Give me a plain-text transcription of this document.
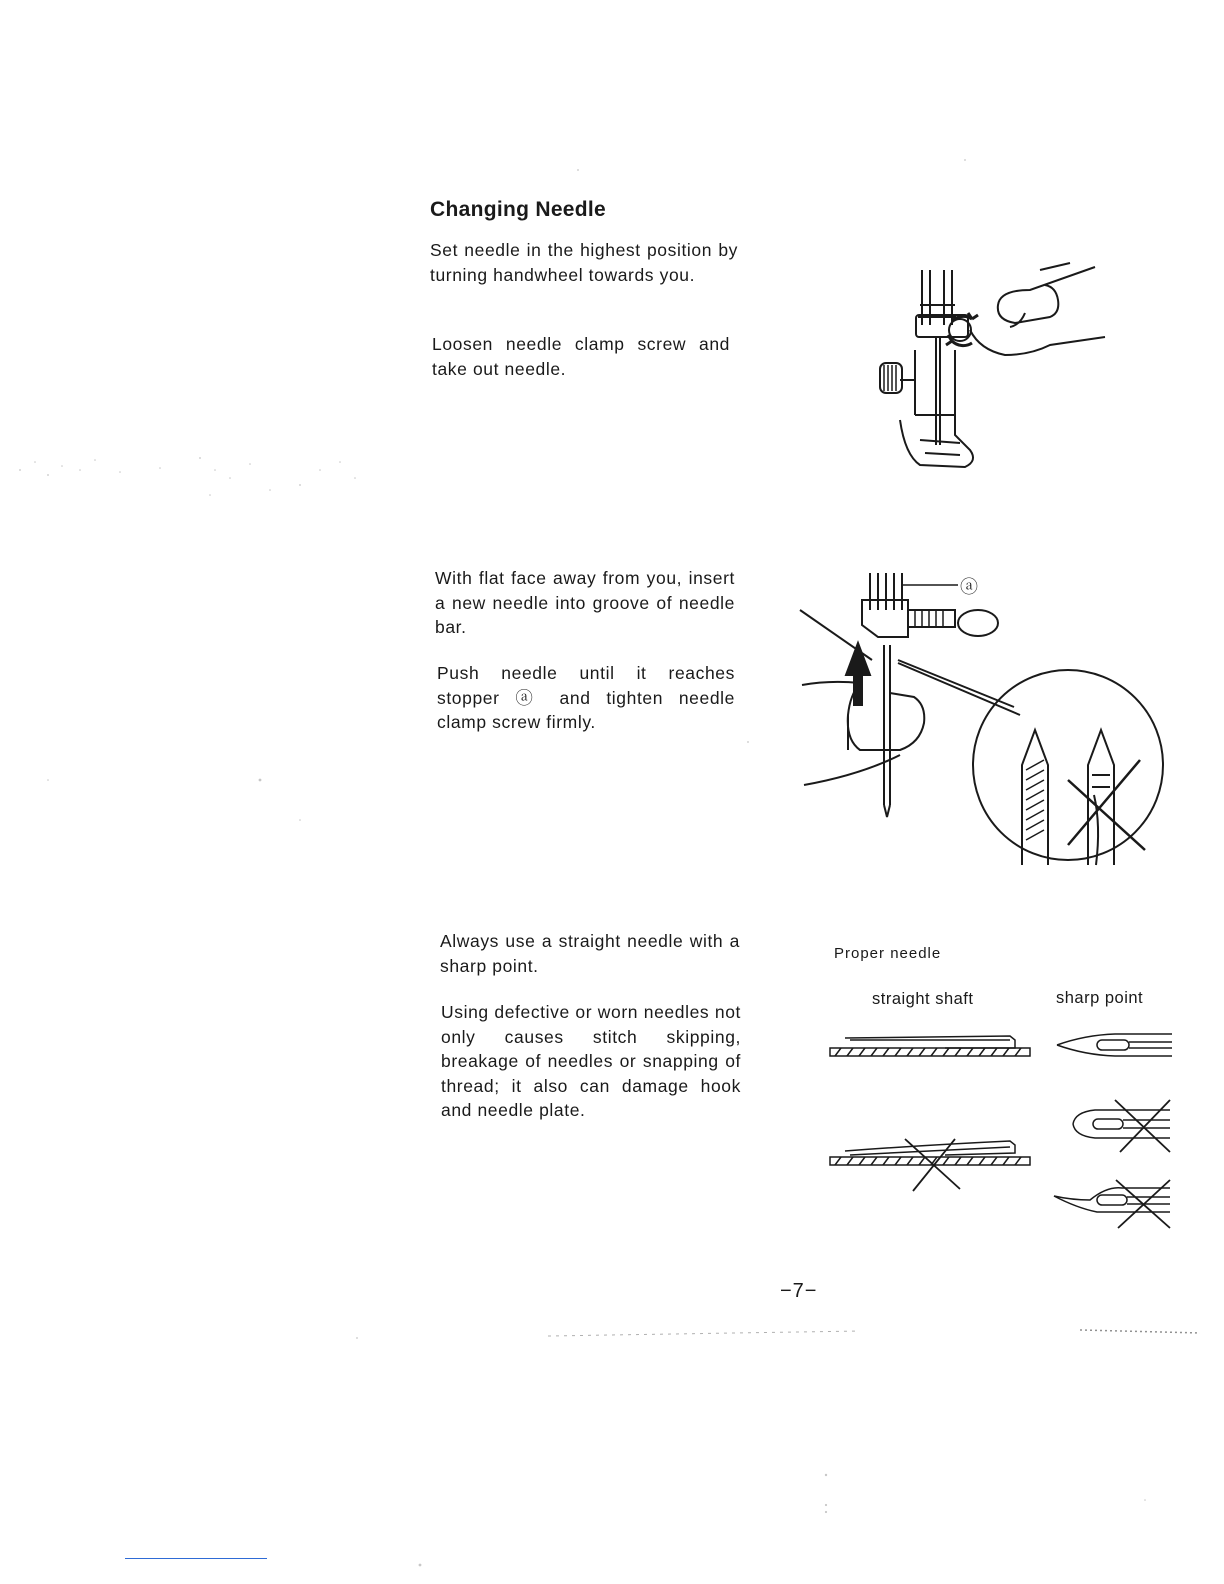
Changing Needle

Set needle in the highest position by turning handwheel towards you.

Loosen needle clamp screw and take out needle.

With flat face away from you, insert a new needle into groove of needle bar.

Push needle until it reaches stopper ⓐ and tighten needle clamp screw firmly.

Always use a straight needle with a sharp point.

Using defective or worn needles not only causes stitch skipping, breakage of needles or snapping of thread; it also can damage hook and needle plate.

ⓐ
Proper needle
straight shaft	sharp point
−7−
